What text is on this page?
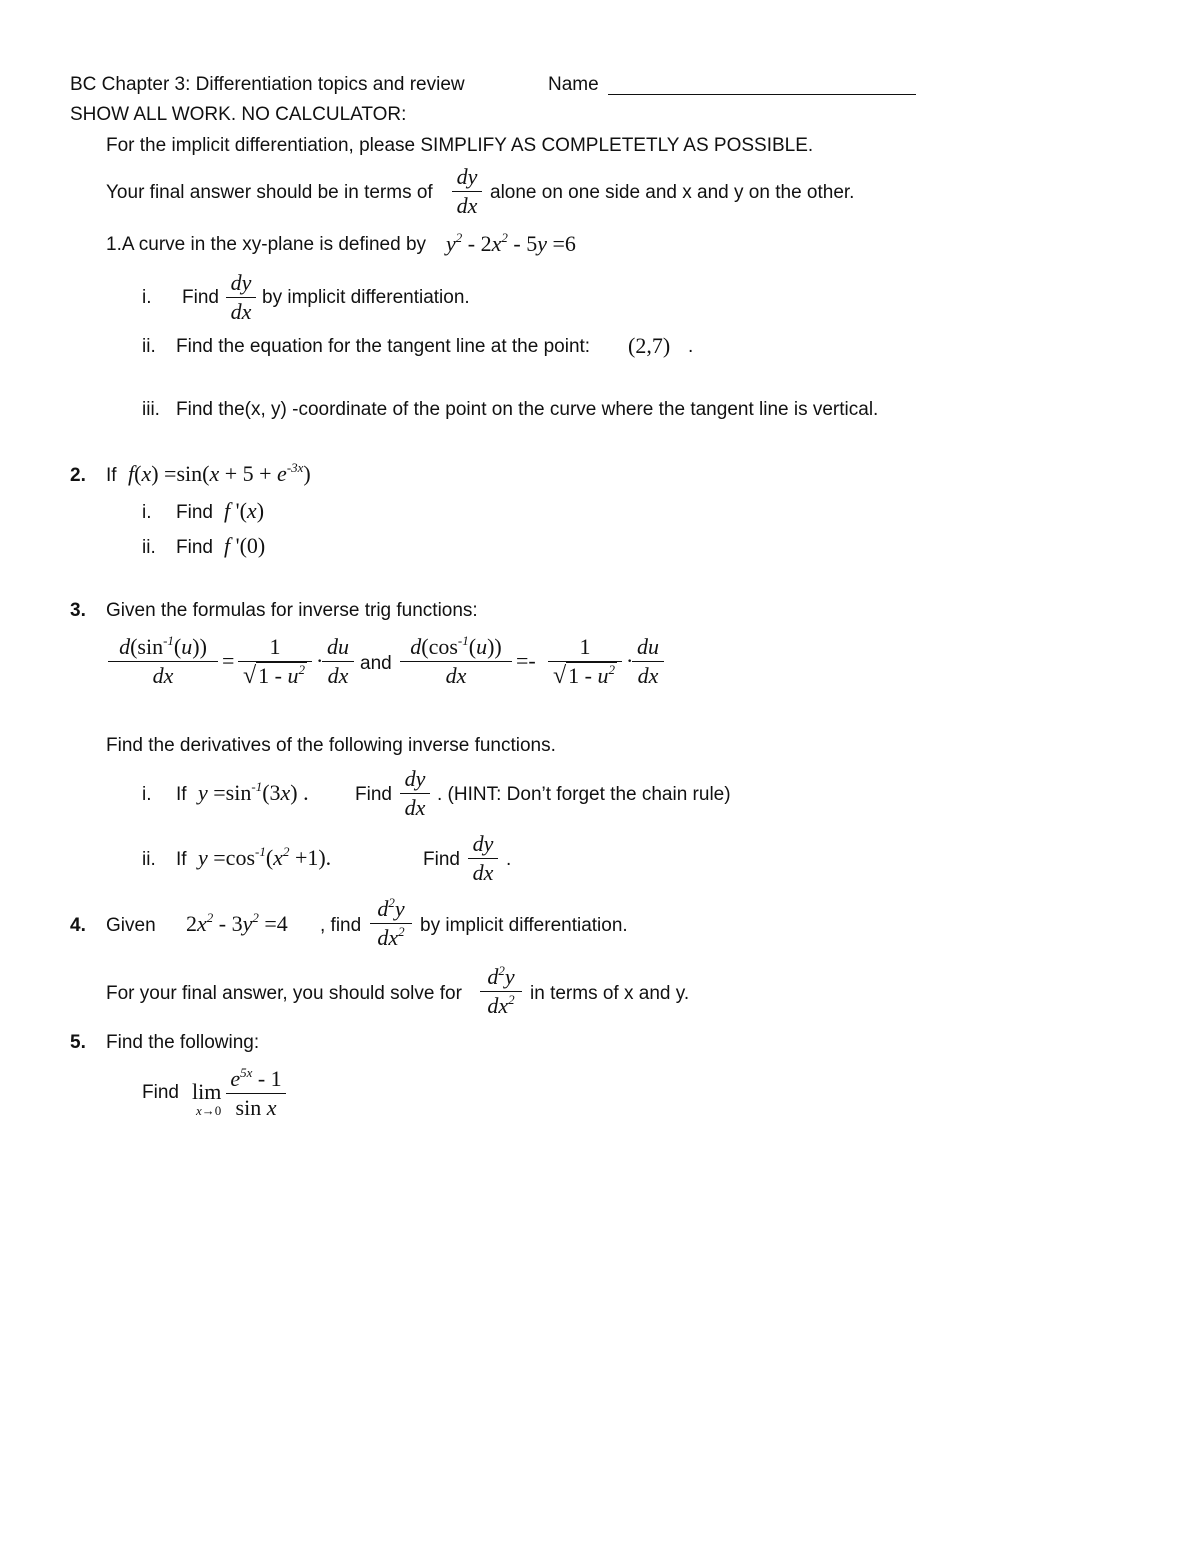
BC Chapter 3: Differentiation topics and review	Name
SHOW ALL WORK. NO CALCULATOR:
For the implicit differentiation, please SIMPLIFY AS COMPLETETLY AS POSSIBLE.
Your final answer should be in terms of
dy
dx
alone on one side and x and y on the other.
1.A curve in the xy-plane is defined by $y^2 - 2x^2 - 5y =6$
i. Find
dy
dx
by implicit differentiation.
ii. Find the equation for the tangent line at the point: (2,7) .
iii. Find the(x, y) -coordinate of the point on the curve where the tangent line is vertical.
2. If $f(x) =\sin(x + 5 + e^{-3x})$
i. Find f '(x)
ii. Find f '(0)
3. Given the formulas for inverse trig functions:
$d(\sin^{-1}(u))$
dx
=
1
$√1 - u^2$ ·
du
dx and
$d(\cos^{-1}(u))$
dx
=-
1
$√1 - u^2$ ·
du
dx
Find the derivatives of the following inverse functions.
i. If $y =\sin^{-1}(3x)$ . Find
dy
dx
. (HINT: Don’t forget the chain rule)
ii. If $y =\cos^{-1}(x^2 +1)$.	Find
dy
dx
.
4. Given $2x^2 - 3y^2 =4$ , find
$d^2y$
$dx^2$ by implicit differentiation.
For your final answer, you should solve for
$d^2y$
$dx^2$ in terms of x and y.
5. Find the following:
Find lim
x→0
$e^{5x} - 1$
sin x
